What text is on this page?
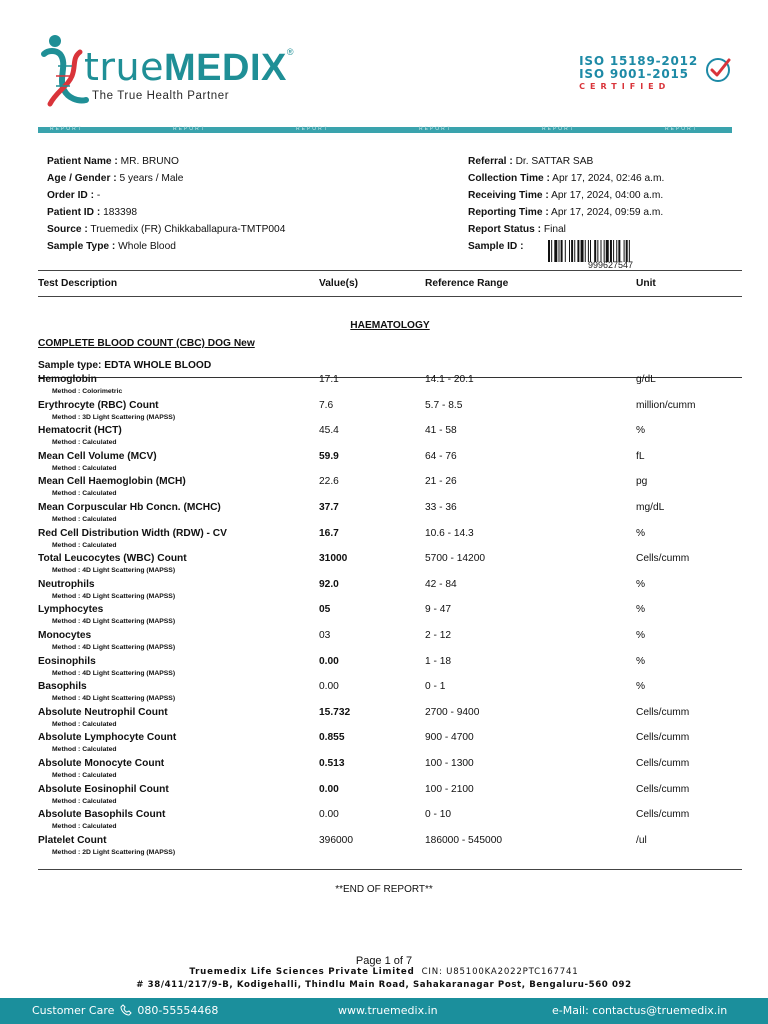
trueMEDIX®
The True Health Partner
ISO 15189-2012
ISO 9001-2015
CERTIFIED
REPORT	REPORT	REPORT	REPORT	REPORT	REPORT
Patient Name : MR. BRUNO
Age / Gender : 5 years / Male
Order ID : -
Patient ID : 183398
Source : Truemedix (FR) Chikkaballapura-TMTP004
Sample Type : Whole Blood
Referral : Dr. SATTAR SAB
Collection Time : Apr 17, 2024, 02:46 a.m.
Receiving Time : Apr 17, 2024, 04:00 a.m.
Reporting Time : Apr 17, 2024, 09:59 a.m.
Report Status : Final
Sample ID :
999627547
Test Description	Value(s)	Reference Range	Unit
HAEMATOLOGY
COMPLETE BLOOD COUNT (CBC) DOG New
Sample type: EDTA WHOLE BLOOD
Hemoglobin
Method : Colorimetric
17.1	14.1 - 20.1	g/dL
Erythrocyte (RBC) Count
Method : 3D Light Scattering (MAPSS)
7.6	5.7 - 8.5	million/cumm
Hematocrit (HCT)
Method : Calculated
45.4	41 - 58	%
Mean Cell Volume (MCV)
Method : Calculated
59.9	64 - 76	fL
Mean Cell Haemoglobin (MCH)
Method : Calculated
22.6	21 - 26	pg
Mean Corpuscular Hb Concn. (MCHC)
Method : Calculated
37.7	33 - 36	mg/dL
Red Cell Distribution Width (RDW) - CV
Method : Calculated
16.7	10.6 - 14.3	%
Total Leucocytes (WBC) Count
Method : 4D Light Scattering (MAPSS)
31000	5700 - 14200	Cells/cumm
Neutrophils
Method : 4D Light Scattering (MAPSS)
92.0	42 - 84	%
Lymphocytes
Method : 4D Light Scattering (MAPSS)
05	9 - 47	%
Monocytes
Method : 4D Light Scattering (MAPSS)
03	2 - 12	%
Eosinophils
Method : 4D Light Scattering (MAPSS)
0.00	1 - 18	%
Basophils
Method : 4D Light Scattering (MAPSS)
0.00	0 - 1	%
Absolute Neutrophil Count
Method : Calculated
15.732	2700 - 9400	Cells/cumm
Absolute Lymphocyte Count
Method : Calculated
0.855	900 - 4700	Cells/cumm
Absolute Monocyte Count
Method : Calculated
0.513	100 - 1300	Cells/cumm
Absolute Eosinophil Count
Method : Calculated
0.00	100 - 2100	Cells/cumm
Absolute Basophils Count
Method : Calculated
0.00	0 - 10	Cells/cumm
Platelet Count
Method : 2D Light Scattering (MAPSS)
396000	186000 - 545000	/ul
**END OF REPORT**
Page 1 of 7
Truemedix Life Sciences Private Limited CIN: U85100KA2022PTC167741
# 38/411/217/9-B, Kodigehalli, Thindlu Main Road, Sahakaranagar Post, Bengaluru-560 092
Customer Care 080-55554468	www.truemedix.in	e-Mail: contactus@truemedix.in
